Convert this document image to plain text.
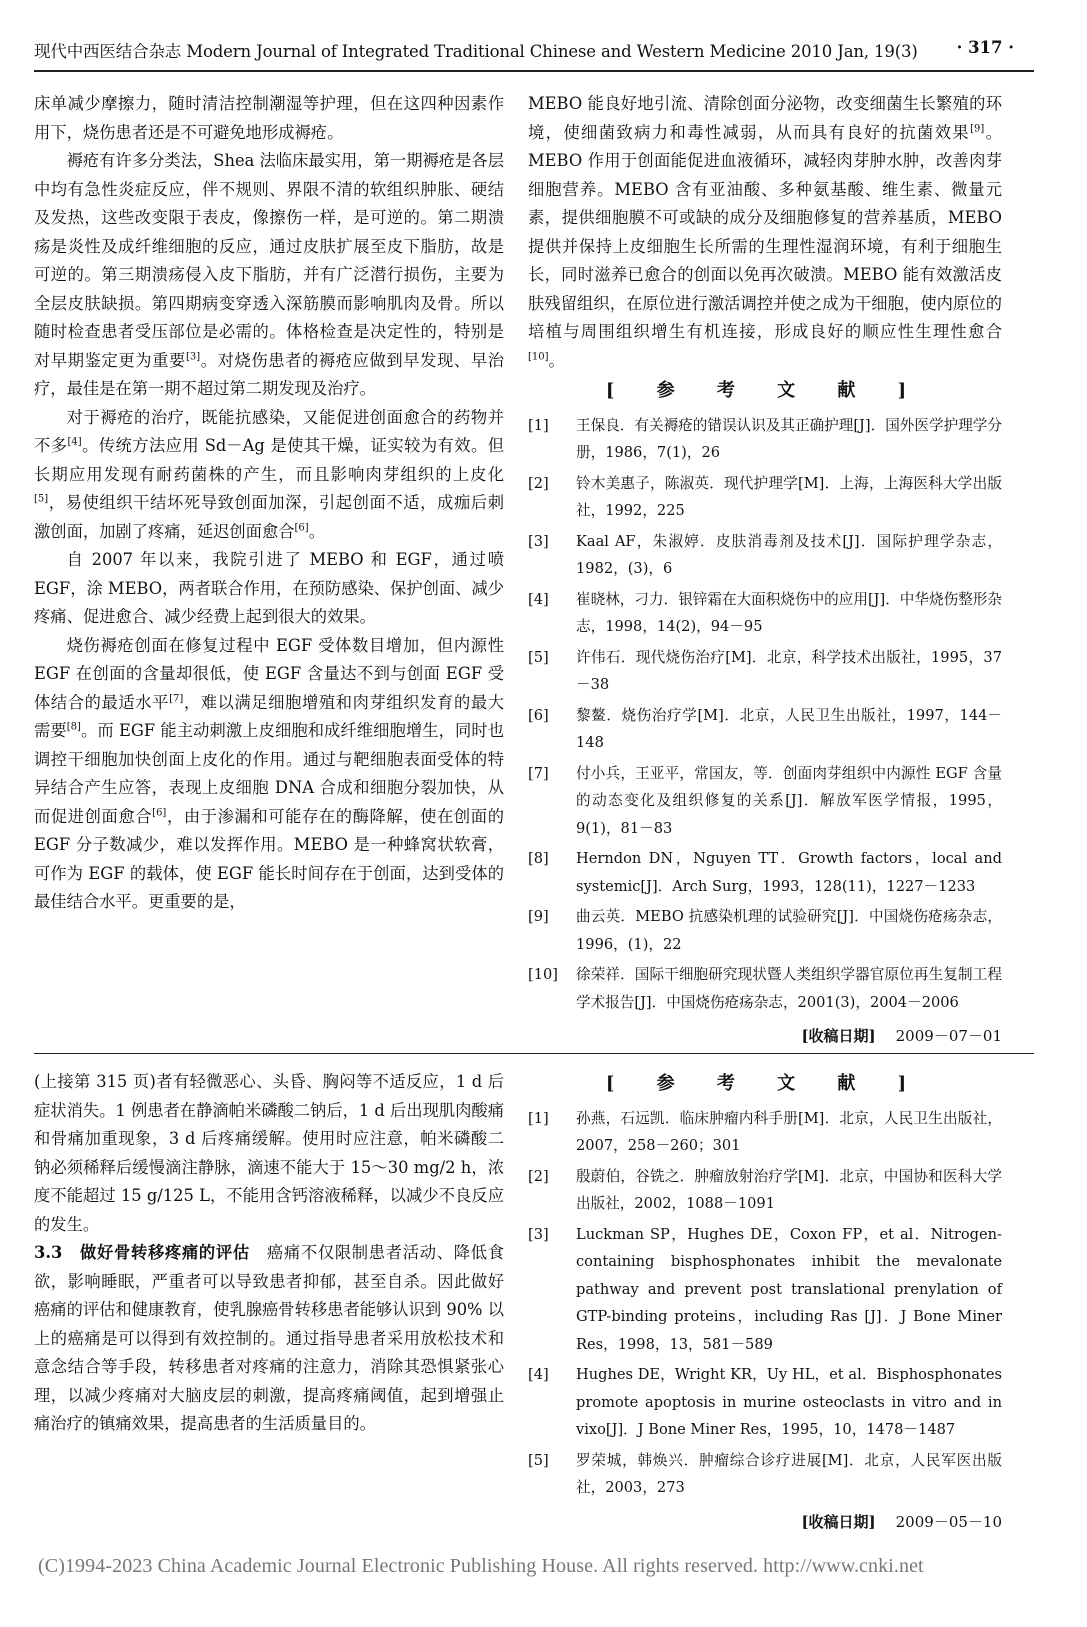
现代中西医结合杂志 Modern Journal of Integrated Traditional Chinese and Western Medicine 2010 Jan, 19(3) · 317 ·

床单减少摩擦力，随时清洁控制潮湿等护理，但在这四种因素作用下，烧伤患者还是不可避免地形成褥疮。

褥疮有许多分类法，Shea 法临床最实用，第一期褥疮是各层中均有急性炎症反应，伴不规则、界限不清的软组织肿胀、硬结及发热，这些改变限于表皮，像擦伤一样，是可逆的。第二期溃疡是炎性及成纤维细胞的反应，通过皮肤扩展至皮下脂肪，故是可逆的。第三期溃疡侵入皮下脂肪，并有广泛潜行损伤，主要为全层皮肤缺损。第四期病变穿透入深筋膜而影响肌肉及骨。所以随时检查患者受压部位是必需的。体格检查是决定性的，特别是对早期鉴定更为重要[3]。对烧伤患者的褥疮应做到早发现、早治疗，最佳是在第一期不超过第二期发现及治疗。

对于褥疮的治疗，既能抗感染，又能促进创面愈合的药物并不多[4]。传统方法应用 Sd－Ag 是使其干燥，证实较为有效。但长期应用发现有耐药菌株的产生，而且影响肉芽组织的上皮化[5]，易使组织干结坏死导致创面加深，引起创面不适，成痂后刺激创面，加剧了疼痛，延迟创面愈合[6]。

自 2007 年以来，我院引进了 MEBO 和 EGF，通过喷 EGF，涂 MEBO，两者联合作用，在预防感染、保护创面、减少疼痛、促进愈合、减少经费上起到很大的效果。

烧伤褥疮创面在修复过程中 EGF 受体数目增加，但内源性 EGF 在创面的含量却很低，使 EGF 含量达不到与创面 EGF 受体结合的最适水平[7]，难以满足细胞增殖和肉芽组织发育的最大需要[8]。而 EGF 能主动刺激上皮细胞和成纤维细胞增生，同时也调控干细胞加快创面上皮化的作用。通过与靶细胞表面受体的特异结合产生应答，表现上皮细胞 DNA 合成和细胞分裂加快，从而促进创面愈合[6]，由于渗漏和可能存在的酶降解，使在创面的 EGF 分子数减少，难以发挥作用。MEBO 是一种蜂窝状软膏，可作为 EGF 的载体，使 EGF 能长时间存在于创面，达到受体的最佳结合水平。更重要的是，

MEBO 能良好地引流、清除创面分泌物，改变细菌生长繁殖的环境，使细菌致病力和毒性减弱，从而具有良好的抗菌效果[9]。MEBO 作用于创面能促进血液循环，减轻肉芽肿水肿，改善肉芽细胞营养。MEBO 含有亚油酸、多种氨基酸、维生素、微量元素，提供细胞膜不可或缺的成分及细胞修复的营养基质，MEBO 提供并保持上皮细胞生长所需的生理性湿润环境，有利于细胞生长，同时滋养已愈合的创面以免再次破溃。MEBO 能有效激活皮肤残留组织，在原位进行激活调控并使之成为干细胞，使内原位的培植与周围组织增生有机连接，形成良好的顺应性生理性愈合[10]。

[ 参 考 文 献 ]
[1] 王保良．有关褥疮的错误认识及其正确护理[J]．国外医学护理学分册，1986，7(1)，26
[2] 铃木美惠子，陈淑英．现代护理学[M]．上海，上海医科大学出版社，1992，225
[3] Kaal AF，朱淑婷．皮肤消毒剂及技术[J]．国际护理学杂志，1982，(3)，6
[4] 崔晓林，刁力．银锌霜在大面积烧伤中的应用[J]．中华烧伤整形杂志，1998，14(2)，94－95
[5] 许伟石．现代烧伤治疗[M]．北京，科学技术出版社，1995，37－38
[6] 黎鳌．烧伤治疗学[M]．北京，人民卫生出版社，1997，144－148
[7] 付小兵，王亚平，常国友，等．创面肉芽组织中内源性 EGF 含量的动态变化及组织修复的关系[J]．解放军医学情报，1995，9(1)，81－83
[8] Herndon DN，Nguyen TT．Growth factors，local and systemic[J]．Arch Surg，1993，128(11)，1227－1233
[9] 曲云英．MEBO 抗感染机理的试验研究[J]．中国烧伤疮疡杂志，1996，(1)，22
[10] 徐荣祥．国际干细胞研究现状暨人类组织学器官原位再生复制工程学术报告[J]．中国烧伤疮疡杂志，2001(3)，2004－2006
[收稿日期] 2009－07－01

(上接第 315 页)者有轻微恶心、头昏、胸闷等不适反应，1 d 后症状消失。1 例患者在静滴帕米磷酸二钠后，1 d 后出现肌肉酸痛和骨痛加重现象，3 d 后疼痛缓解。使用时应注意，帕米磷酸二钠必须稀释后缓慢滴注静脉，滴速不能大于 15～30 mg/2 h，浓度不能超过 15 g/125 L，不能用含钙溶液稀释，以减少不良反应的发生。

3.3　做好骨转移疼痛的评估　癌痛不仅限制患者活动、降低食欲，影响睡眠，严重者可以导致患者抑郁，甚至自杀。因此做好癌痛的评估和健康教育，使乳腺癌骨转移患者能够认识到 90% 以上的癌痛是可以得到有效控制的。通过指导患者采用放松技术和意念结合等手段，转移患者对疼痛的注意力，消除其恐惧紧张心理，以减少疼痛对大脑皮层的刺激，提高疼痛阈值，起到增强止痛治疗的镇痛效果，提高患者的生活质量目的。

[ 参 考 文 献 ]
[1] 孙燕，石远凯．临床肿瘤内科手册[M]．北京，人民卫生出版社，2007，258－260；301
[2] 殷蔚伯，谷铣之．肿瘤放射治疗学[M]．北京，中国协和医科大学出版社，2002，1088－1091
[3] Luckman SP，Hughes DE，Coxon FP，et al．Nitrogen-containing bisphosphonates inhibit the mevalonate pathway and prevent post translational prenylation of GTP-binding proteins，including Ras [J]．J Bone Miner Res，1998，13，581－589
[4] Hughes DE，Wright KR，Uy HL，et al．Bisphosphonates promote apoptosis in murine osteoclasts in vitro and in vixo[J]．J Bone Miner Res，1995，10，1478－1487
[5] 罗荣城，韩焕兴．肿瘤综合诊疗进展[M]．北京，人民军医出版社，2003，273
[收稿日期] 2009－05－10
(C)1994-2023 China Academic Journal Electronic Publishing House. All rights reserved. http://www.cnki.net
